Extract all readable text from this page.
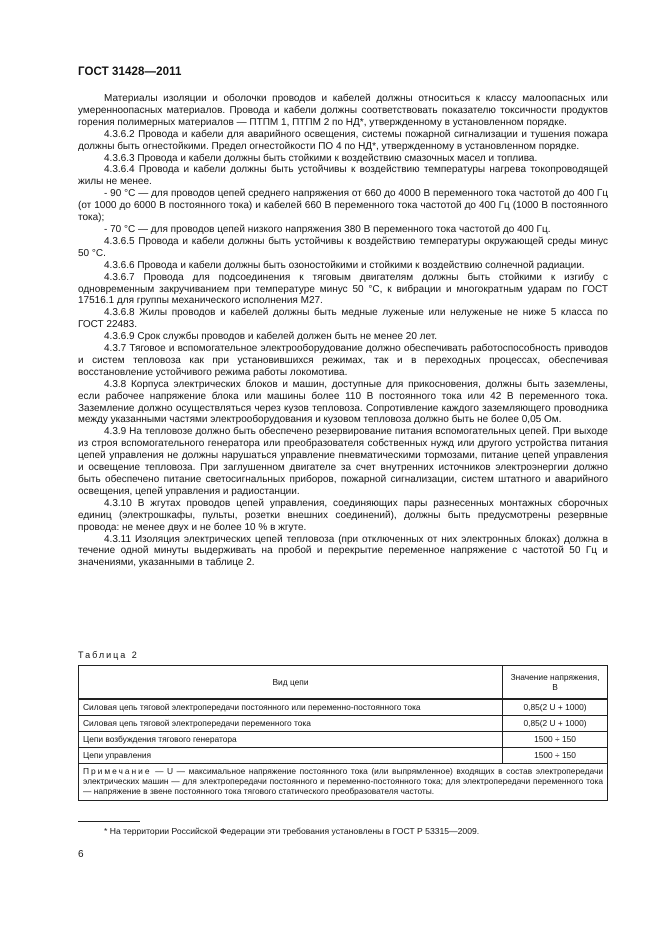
ГОСТ 31428—2011

Материалы изоляции и оболочки проводов и кабелей должны относиться к классу малоопасных или умеренноопасных материалов. Провода и кабели должны соответствовать показателю токсичности продуктов горения полимерных материалов — ПТПМ 1, ПТПМ 2 по НД*, утвержденному в установленном порядке.

4.3.6.2 Провода и кабели для аварийного освещения, системы пожарной сигнализации и тушения пожара должны быть огнестойкими. Предел огнестойкости ПО 4 по НД*, утвержденному в установленном порядке.

4.3.6.3 Провода и кабели должны быть стойкими к воздействию смазочных масел и топлива.

4.3.6.4 Провода и кабели должны быть устойчивы к воздействию температуры нагрева токопроводящей жилы не менее.

- 90 °С — для проводов цепей среднего напряжения от 660 до 4000 В переменного тока частотой до 400 Гц (от 1000 до 6000 В постоянного тока) и кабелей 660 В переменного тока частотой до 400 Гц (1000 В постоянного тока);

- 70 °С — для проводов цепей низкого напряжения 380 В переменного тока частотой до 400 Гц.

4.3.6.5 Провода и кабели должны быть устойчивы к воздействию температуры окружающей среды минус 50 °С.

4.3.6.6 Провода и кабели должны быть озоностойкими и стойкими к воздействию солнечной радиации.

4.3.6.7 Провода для подсоединения к тяговым двигателям должны быть стойкими к изгибу с одновременным закручиванием при температуре минус 50 °С, к вибрации и многократным ударам по ГОСТ 17516.1 для группы механического исполнения М27.

4.3.6.8 Жилы проводов и кабелей должны быть медные луженые или нелуженые не ниже 5 класса по ГОСТ 22483.

4.3.6.9 Срок службы проводов и кабелей должен быть не менее 20 лет.

4.3.7 Тяговое и вспомогательное электрооборудование должно обеспечивать работоспособность приводов и систем тепловоза как при установившихся режимах, так и в переходных процессах, обеспечивая восстановление устойчивого режима работы локомотива.

4.3.8 Корпуса электрических блоков и машин, доступные для прикосновения, должны быть заземлены, если рабочее напряжение блока или машины более 110 В постоянного тока или 42 В переменного тока. Заземление должно осуществляться через кузов тепловоза. Сопротивление каждого заземляющего проводника между указанными частями электрооборудования и кузовом тепловоза должно быть не более 0,05 Ом.

4.3.9 На тепловозе должно быть обеспечено резервирование питания вспомогательных цепей. При выходе из строя вспомогательного генератора или преобразователя собственных нужд или другого устройства питания цепей управления не должны нарушаться управление пневматическими тормозами, питание цепей управления и освещение тепловоза. При заглушенном двигателе за счет внутренних источников электроэнергии должно быть обеспечено питание светосигнальных приборов, пожарной сигнализации, систем штатного и аварийного освещения, цепей управления и радиостанции.

4.3.10 В жгутах проводов цепей управления, соединяющих пары разнесенных монтажных сборочных единиц (электрошкафы, пульты, розетки внешних соединений), должны быть предусмотрены резервные провода: не менее двух и не более 10 % в жгуте.

4.3.11 Изоляция электрических цепей тепловоза (при отключенных от них электронных блоках) должна в течение одной минуты выдерживать на пробой и перекрытие переменное напряжение с частотой 50 Гц и значениями, указанными в таблице 2.

Таблица 2
Вид цепи	Значение напряжения, В
Силовая цепь тяговой электропередачи постоянного или переменно-постоянного тока	0,85(2 U + 1000)
Силовая цепь тяговой электропередачи переменного тока	0,85(2 U + 1000)
Цепи возбуждения тягового генератора	1500 ÷ 150
Цепи управления	1500 ÷ 150
Примечание — U — максимальное напряжение постоянного тока (или выпрямленное) входящих в состав электропередачи электрических машин — для электропередачи постоянного и переменно-постоянного тока; для электропередачи переменного тока — напряжение в звене постоянного тока тягового статического преобразователя частоты.	
* На территории Российской Федерации эти требования установлены в ГОСТ Р 53315—2009.
6
